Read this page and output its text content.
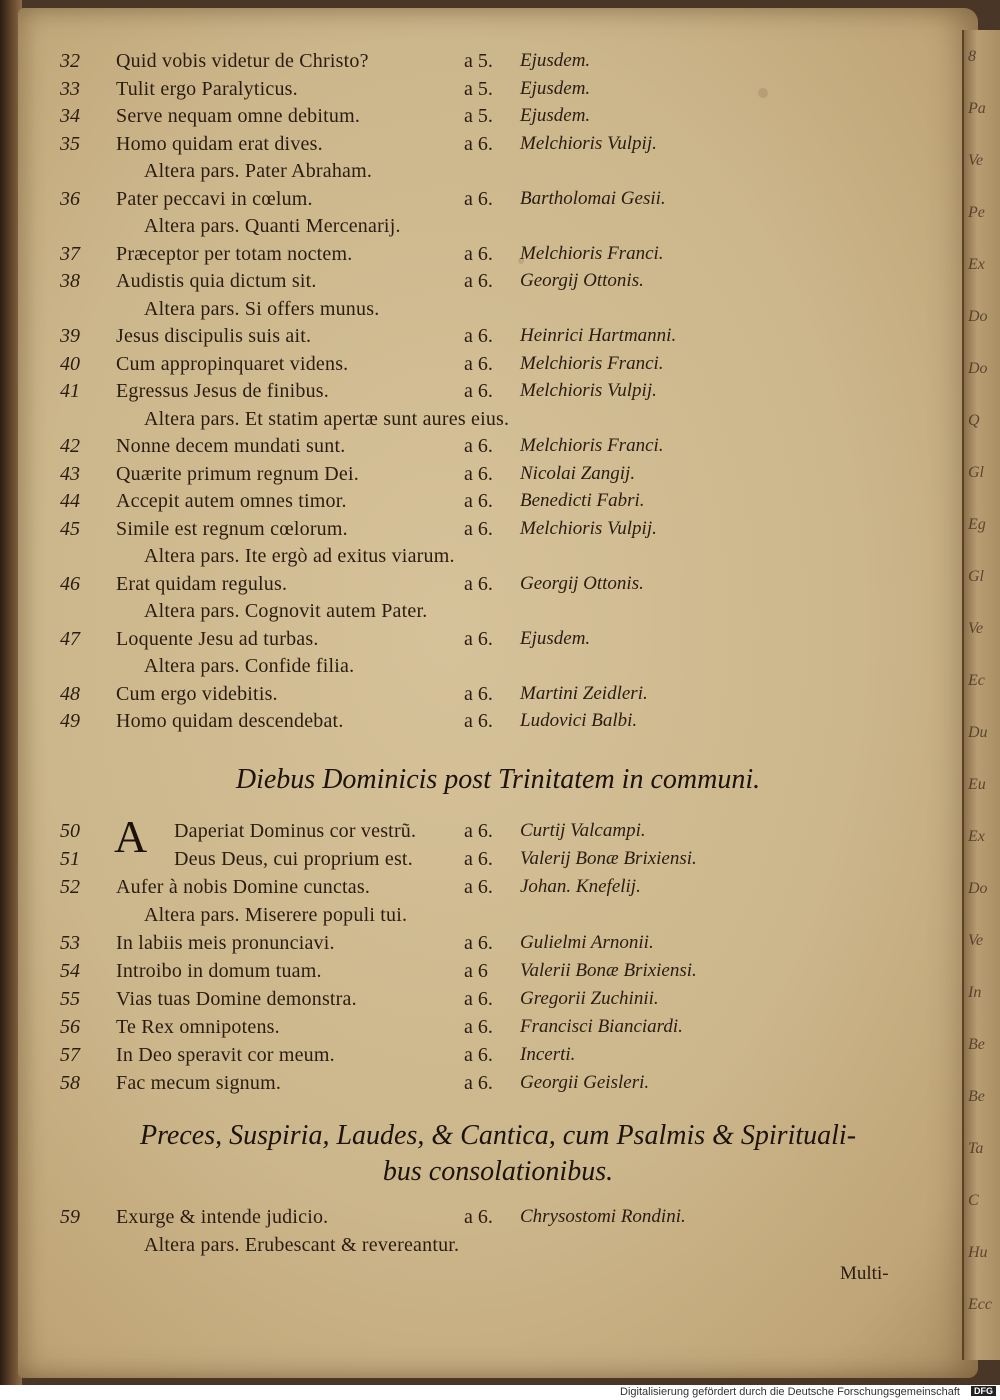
32 Quid vobis videtur de Christo?	a 5. Ejusdem.
33 Tulit ergo Paralyticus.	a 5. Ejusdem.
34 Serve nequam omne debitum.	a 5. Ejusdem.
35 Homo quidam erat dives.	a 6. Melchioris Vulpij.
Altera pars. Pater Abraham.
36 Pater peccavi in cœlum.	a 6. Bartholomai Gesii.
Altera pars. Quanti Mercenarij.
37 Præceptor per totam noctem.	a 6. Melchioris Franci.
38 Audistis quia dictum sit.	a 6. Georgij Ottonis.
Altera pars. Si offers munus.
39 Jesus discipulis suis ait.	a 6. Heinrici Hartmanni.
40 Cum appropinquaret videns.	a 6. Melchioris Franci.
41 Egressus Jesus de finibus.	a 6. Melchioris Vulpij.
Altera pars. Et statim apertæ sunt aures eius.
42 Nonne decem mundati sunt.	a 6. Melchioris Franci.
43 Quærite primum regnum Dei.	a 6. Nicolai Zangij.
44 Accepit autem omnes timor.	a 6. Benedicti Fabri.
45 Simile est regnum cœlorum.	a 6. Melchioris Vulpij.
Altera pars. Ite ergò ad exitus viarum.
46 Erat quidam regulus.	a 6. Georgij Ottonis.
Altera pars. Cognovit autem Pater.
47 Loquente Jesu ad turbas.	a 6. Ejusdem.
Altera pars. Confide filia.
48 Cum ergo videbitis.	a 6. Martini Zeidleri.
49 Homo quidam descendebat.	a 6. Ludovici Balbi.
Diebus Dominicis post Trinitatem in communi.
A
50	Daperiat Dominus cor vestrũ. a 6. Curtij Valcampi.
51	Deus Deus, cui proprium est.	a 6. Valerij Bonæ Brixiensi.
52 Aufer à nobis Domine cunctas.	a 6. Johan. Knefelij.
Altera pars. Miserere populi tui.
53 In labiis meis pronunciavi.	a 6. Gulielmi Arnonii.
54 Introibo in domum tuam.	a 6 Valerii Bonæ Brixiensi.
55 Vias tuas Domine demonstra.	a 6. Gregorii Zuchinii.
56 Te Rex omnipotens.	a 6. Francisci Bianciardi.
57 In Deo speravit cor meum.	a 6. Incerti.
58 Fac mecum signum.	a 6. Georgii Geisleri.
Preces, Suspiria, Laudes, & Cantica, cum Psalmis & Spirituali-
bus consolationibus.
59 Exurge & intende judicio.	a 6. Chrysostomi Rondini.
Altera pars. Erubescant & revereantur.
Multi-
8
Pa
Ve
Pe
Ex
Do
Do
Q
Gl
Eg
Gl
Ve
Ec
Du
Eu
Ex
Do
Ve
In
Be
Be
Ta
C
Hu
Ecc
Digitalisierung gefördert durch die Deutsche Forschungsgemeinschaft	DFG
